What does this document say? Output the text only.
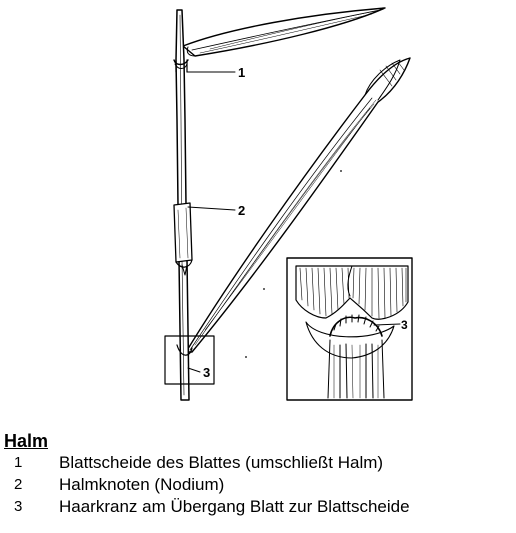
1
2
3
3
Halm
1	Blattscheide des Blattes (umschließt Halm)
2	Halmknoten (Nodium)
3	Haarkranz am Übergang Blatt zur Blattscheide
